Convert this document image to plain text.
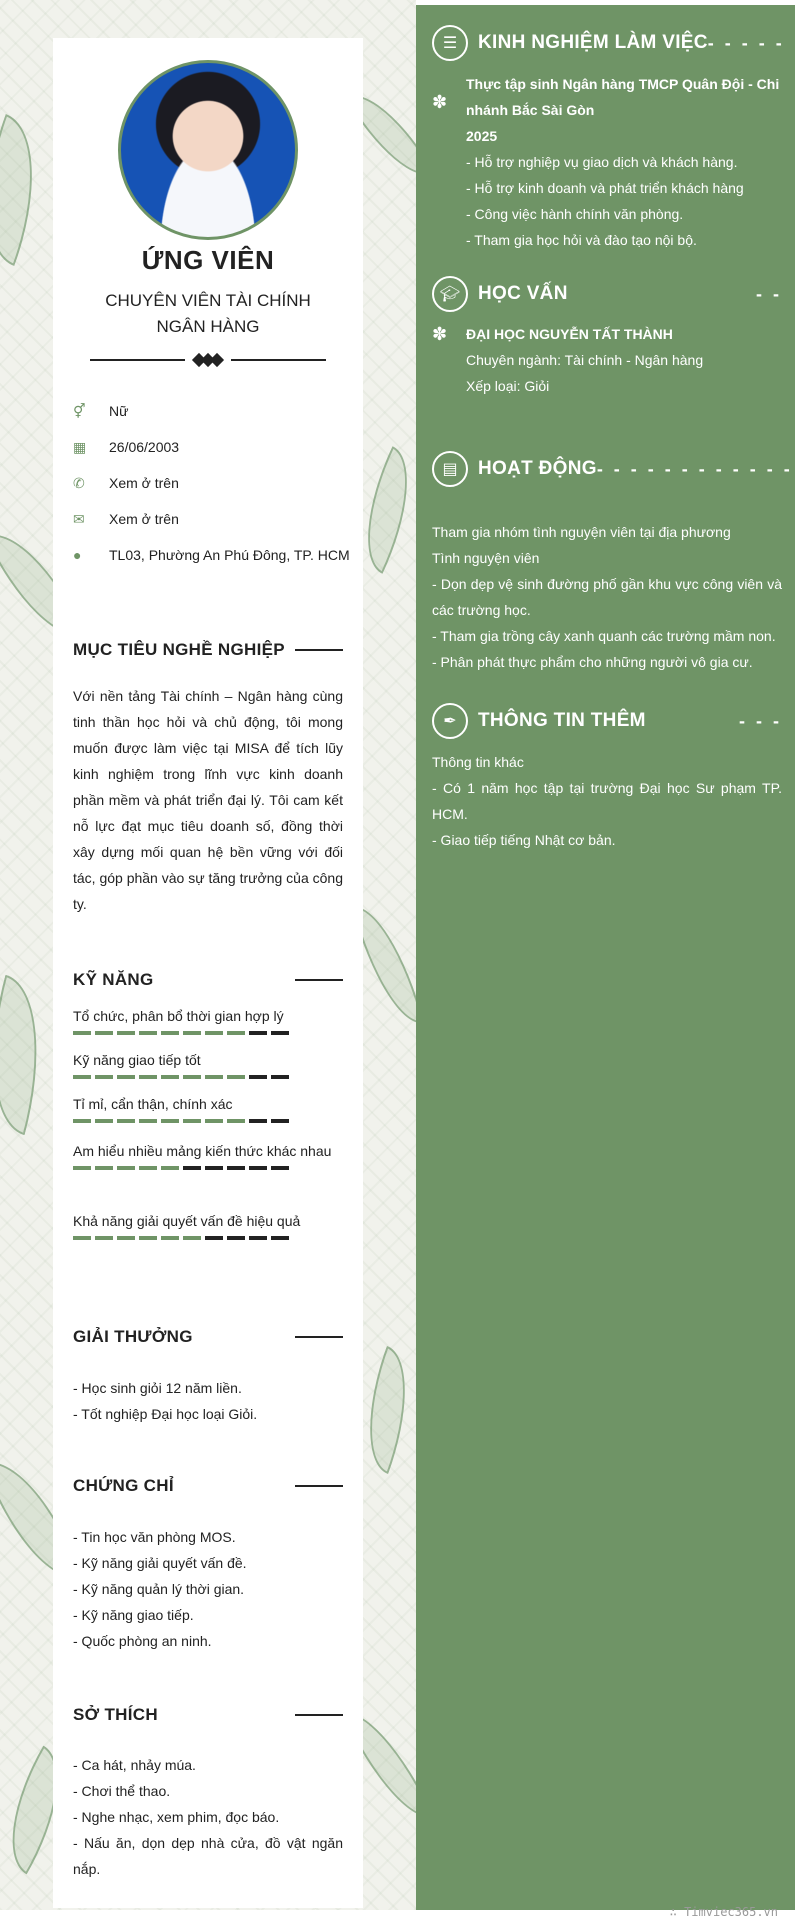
ỨNG VIÊN
CHUYÊN VIÊN TÀI CHÍNH
NGÂN HÀNG
⚥	Nữ
▦	26/06/2003
✆	Xem ở trên
✉	Xem ở trên
●	TL03, Phường An Phú Đông, TP. HCM
MỤC TIÊU NGHỀ NGHIỆP
Với nền tảng Tài chính – Ngân hàng cùng tinh thần học hỏi và chủ động, tôi mong muốn được làm việc tại MISA để tích lũy kinh nghiệm trong lĩnh vực kinh doanh phần mềm và phát triển đại lý. Tôi cam kết nỗ lực đạt mục tiêu doanh số, đồng thời xây dựng mối quan hệ bền vững với đối tác, góp phần vào sự tăng trưởng của công ty.
KỸ NĂNG
Tổ chức, phân bổ thời gian hợp lý
Kỹ năng giao tiếp tốt
Tỉ mỉ, cẩn thận, chính xác
Am hiểu nhiều mảng kiến thức khác nhau
Khả năng giải quyết vấn đề hiệu quả
GIẢI THƯỞNG
- Học sinh giỏi 12 năm liền.
- Tốt nghiệp Đại học loại Giỏi.
CHỨNG CHỈ
- Tin học văn phòng MOS.
- Kỹ năng giải quyết vấn đề.
- Kỹ năng quản lý thời gian.
- Kỹ năng giao tiếp.
- Quốc phòng an ninh.
SỞ THÍCH
- Ca hát, nhảy múa.
- Chơi thể thao.
- Nghe nhạc, xem phim, đọc báo.
- Nấu ăn, dọn dẹp nhà cửa, đồ vật ngăn nắp.
☰	KINH NGHIỆM LÀM VIỆC - - - - -
✽
Thực tập sinh Ngân hàng TMCP Quân Đội - Chi nhánh Bắc Sài Gòn
2025
- Hỗ trợ nghiệp vụ giao dịch và khách hàng.
- Hỗ trợ kinh doanh và phát triển khách hàng
- Công việc hành chính văn phòng.
- Tham gia học hỏi và đào tạo nội bộ.
🎓︎ HỌC VẤN	- -
✽ ĐẠI HỌC NGUYỄN TẤT THÀNH
Chuyên ngành: Tài chính - Ngân hàng
Xếp loại: Giỏi
▤	HOẠT ĐỘNG - - - - - - - - - - - - -
Tham gia nhóm tình nguyện viên tại địa phương
Tình nguyện viên
- Dọn dẹp vệ sinh đường phố gần khu vực công viên và các trường học.
- Tham gia trồng cây xanh quanh các trường mầm non.
- Phân phát thực phẩm cho những người vô gia cư.
✒	THÔNG TIN THÊM	- - -
Thông tin khác
- Có 1 năm học tập tại trường Đại học Sư phạm TP. HCM.
- Giao tiếp tiếng Nhật cơ bản.
∴ Timviec365.vn
